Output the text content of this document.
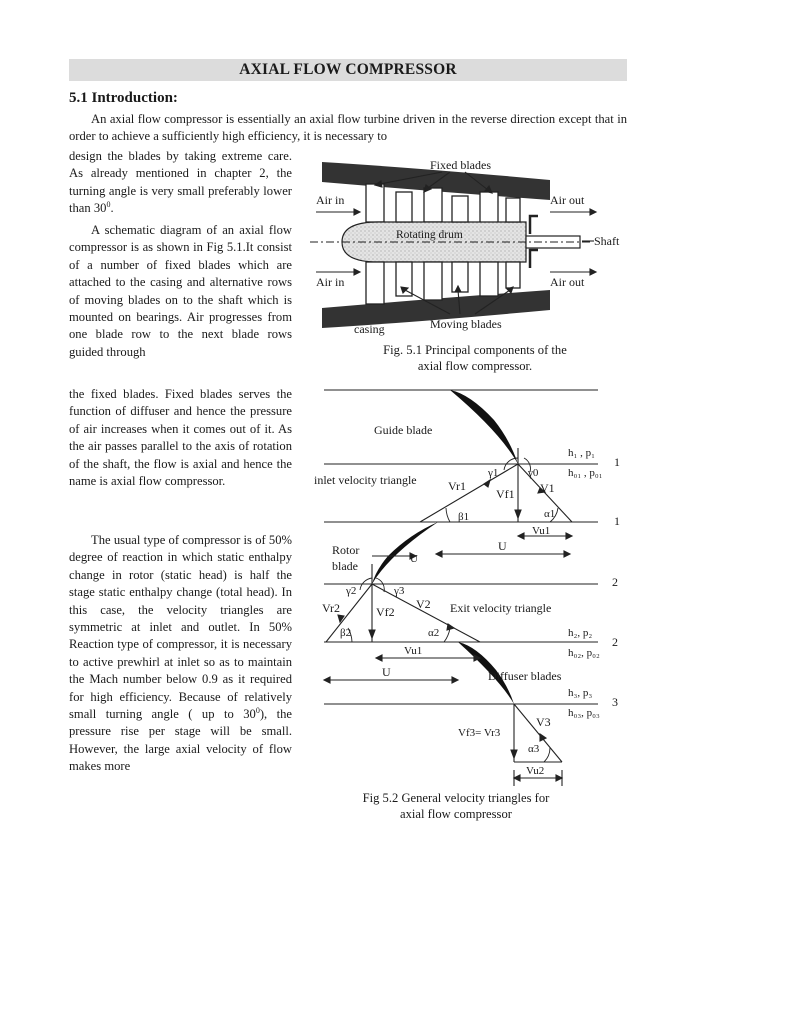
AXIAL FLOW COMPRESSOR
5.1 Introduction:

An axial flow compressor is essentially an axial flow turbine driven in the reverse direction except that in order to achieve a sufficiently high efficiency, it is necessary to

design the blades by taking extreme care. As already mentioned in chapter 2, the turning angle is very small preferably lower than $30^0$.

A schematic diagram of an axial flow compressor is as shown in Fig 5.1.It consist of a number of fixed blades which are attached to the casing and alternative rows of moving blades on to the shaft which is mounted on bearings. Air progresses from one blade row to the next blade rows guided through

the fixed blades. Fixed blades serves the function of diffuser and hence the pressure of air increases when it comes out of it. As the air passes parallel to the axis of rotation of the shaft, the flow is axial and hence the name is axial flow compressor.

The usual type of compressor is of 50% degree of reaction in which static enthalpy change in rotor (static head) is half the stage static enthalpy change (total head). In this case, the velocity triangles are symmetric at inlet and outlet. In 50% Reaction type of compressor, it is necessary to active prewhirl at inlet so as to maintain the Mach number below 0.9 as it required for high efficiency. Because of relatively small turning angle ( up to $30^0$), the pressure rise per stage will be small. However, the large axial velocity of flow makes more

Fixed blades
Air in	Air out
Rotating drum	Shaft
Air in	Air out
casing	Moving blades
Fig. 5.1 Principal components of the
axial flow compressor.
Guide blade
h₁ , p₁
h₀₁ , p₀₁
1
1
inlet velocity triangle	γ1	γ0
Vr1
Vf1 V1
β1	α1
Vu1
Rotor
blade	U
U
2
2
γ2	γ3
Vr2	Vf2
V2 Exit velocity triangle
β2	α2	h₂, p₂
h₀₂, p₀₂
Vu1
U	Diffuser blades
h₃, p₃
h₀₃, p₀₃
3
Vf3= Vr3
V3
α3
Vu2
Fig 5.2 General velocity triangles for
axial flow compressor
